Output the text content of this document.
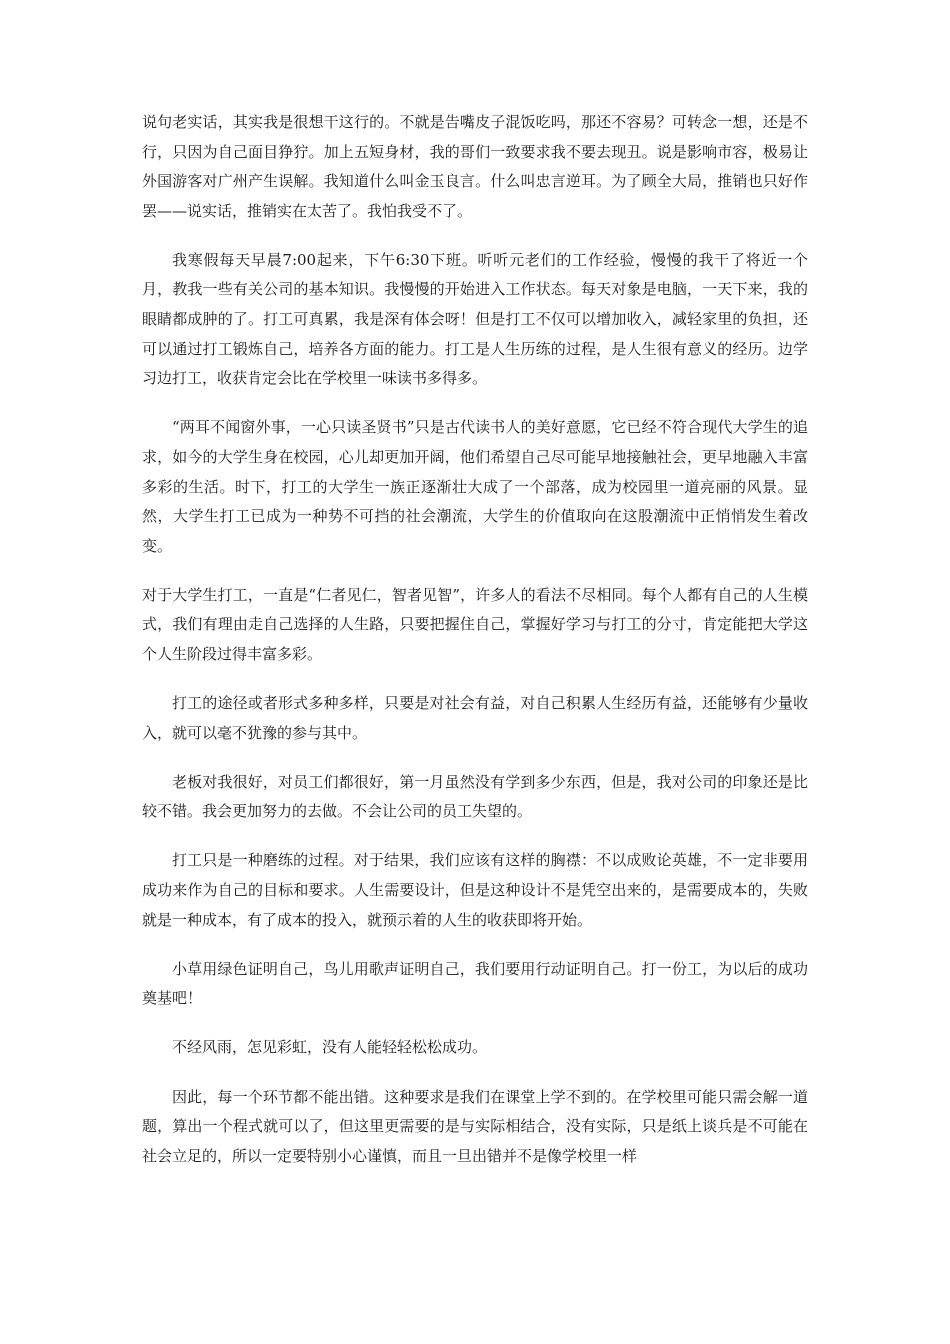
说句老实话，其实我是很想干这行的。不就是告嘴皮子混饭吃吗，那还不容易？可转念一想，还是不行，只因为自己面目狰狞。加上五短身材，我的哥们一致要求我不要去现丑。说是影响市容，极易让外国游客对广州产生误解。我知道什么叫金玉良言。什么叫忠言逆耳。为了顾全大局，推销也只好作罢——说实话，推销实在太苦了。我怕我受不了。

我寒假每天早晨7:00起来，下午6:30下班。听听元老们的工作经验，慢慢的我干了将近一个月，教我一些有关公司的基本知识。我慢慢的开始进入工作状态。每天对象是电脑，一天下来，我的眼睛都成肿的了。打工可真累，我是深有体会呀！但是打工不仅可以增加收入，减轻家里的负担，还可以通过打工锻炼自己，培养各方面的能力。打工是人生历练的过程，是人生很有意义的经历。边学习边打工，收获肯定会比在学校里一味读书多得多。

“两耳不闻窗外事，一心只读圣贤书”只是古代读书人的美好意愿，它已经不符合现代大学生的追求，如今的大学生身在校园，心儿却更加开阔，他们希望自己尽可能早地接触社会，更早地融入丰富多彩的生活。时下，打工的大学生一族正逐渐壮大成了一个部落，成为校园里一道亮丽的风景。显然，大学生打工已成为一种势不可挡的社会潮流，大学生的价值取向在这股潮流中正悄悄发生着改变。

对于大学生打工，一直是“仁者见仁，智者见智”，许多人的看法不尽相同。每个人都有自己的人生模式，我们有理由走自己选择的人生路，只要把握住自己，掌握好学习与打工的分寸，肯定能把大学这个人生阶段过得丰富多彩。

打工的途径或者形式多种多样，只要是对社会有益，对自己积累人生经历有益，还能够有少量收入，就可以毫不犹豫的参与其中。

老板对我很好，对员工们都很好，第一月虽然没有学到多少东西，但是，我对公司的印象还是比较不错。我会更加努力的去做。不会让公司的员工失望的。

打工只是一种磨练的过程。对于结果，我们应该有这样的胸襟：不以成败论英雄，不一定非要用成功来作为自己的目标和要求。人生需要设计，但是这种设计不是凭空出来的，是需要成本的，失败就是一种成本，有了成本的投入，就预示着的人生的收获即将开始。

小草用绿色证明自己，鸟儿用歌声证明自己，我们要用行动证明自己。打一份工，为以后的成功奠基吧！

不经风雨，怎见彩虹，没有人能轻轻松松成功。

因此，每一个环节都不能出错。这种要求是我们在课堂上学不到的。在学校里可能只需会解一道题，算出一个程式就可以了，但这里更需要的是与实际相结合，没有实际，只是纸上谈兵是不可能在社会立足的，所以一定要特别小心谨慎，而且一旦出错并不是像学校里一样
